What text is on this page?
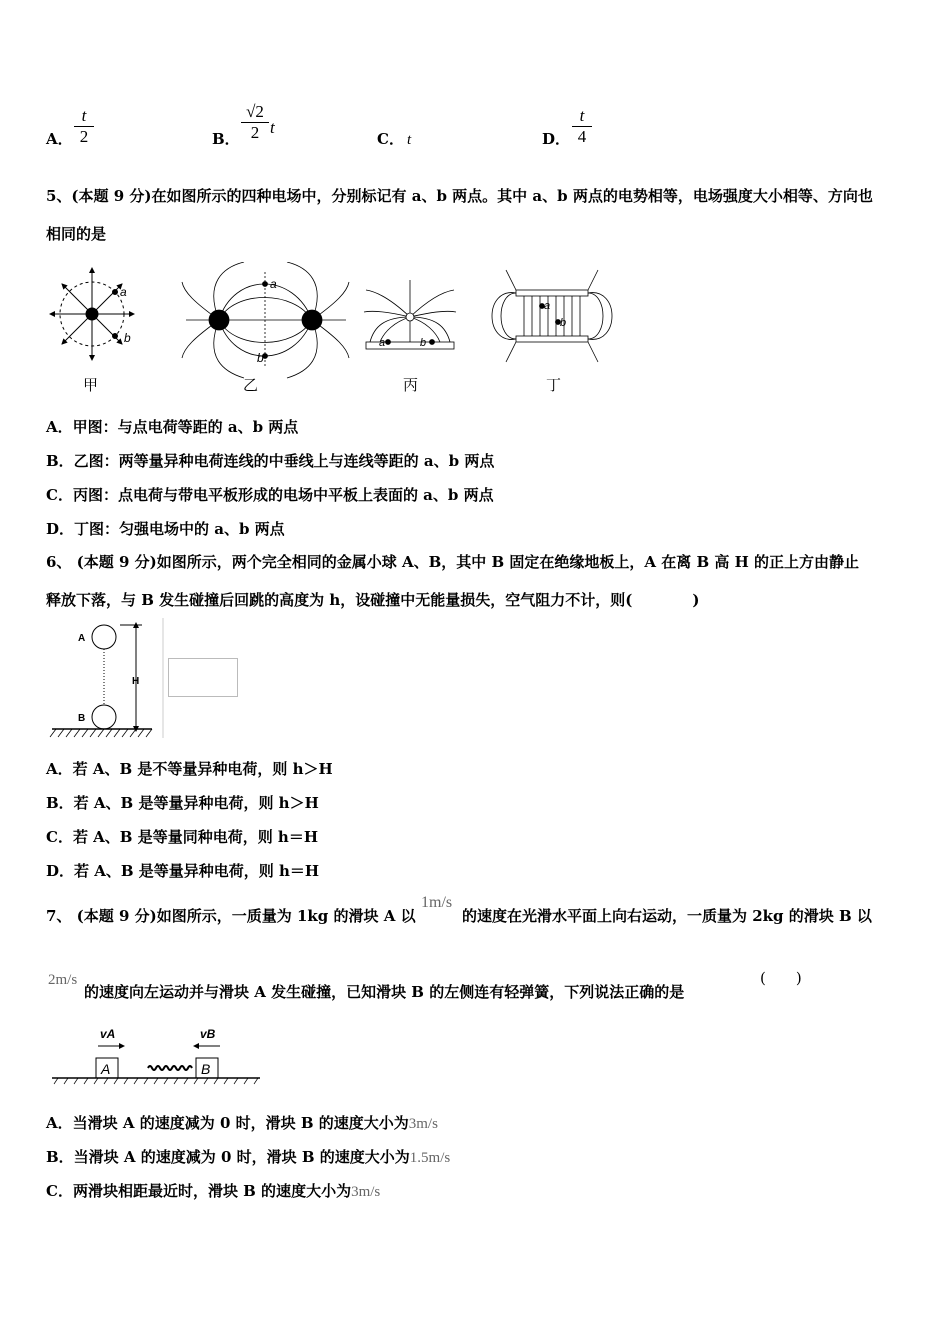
A． $\frac{t}{2}$	B． $\frac{√2}{2}$ t
C． t	D． $\frac{t}{4}$
5、(本题 9 分)在如图所示的四种电场中，分别标记有 a、b 两点。其中 a、b 两点的电势相等，电场强度大小相等、方向也
相同的是
a
b
a
b
a	b
a
b
甲	乙	丙	丁
A．甲图：与点电荷等距的 a、b 两点
B．乙图：两等量异种电荷连线的中垂线上与连线等距的 a、b 两点
C．丙图：点电荷与带电平板形成的电场中平板上表面的 a、b 两点
D．丁图：匀强电场中的 a、b 两点
6、 (本题 9 分)如图所示，两个完全相同的金属小球 A、B，其中 B 固定在绝缘地板上，A 在离 B 高 H 的正上方由静止
释放下落，与 B 发生碰撞后回跳的高度为 h，设碰撞中无能量损失，空气阻力不计，则(　　　　)
A
B
H
A．若 A、B 是不等量异种电荷，则 h＞H
B．若 A、B 是等量异种电荷，则 h＞H
C．若 A、B 是等量同种电荷，则 h＝H
D．若 A、B 是等量异种电荷，则 h＝H
7、 (本题 9 分)如图所示，一质量为 1kg 的滑块 A 以
1m/s
的速度在光滑水平面上向右运动，一质量为 2kg 的滑块 B 以
2m/s
的速度向左运动并与滑块 A 发生碰撞，已知滑块 B 的左侧连有轻弹簧，下列说法正确的是
(　　)
vA	vB
A	B
A．当滑块 A 的速度减为 0 时，滑块 B 的速度大小为3m/s
B．当滑块 A 的速度减为 0 时，滑块 B 的速度大小为1.5m/s
C．两滑块相距最近时，滑块 B 的速度大小为3m/s
